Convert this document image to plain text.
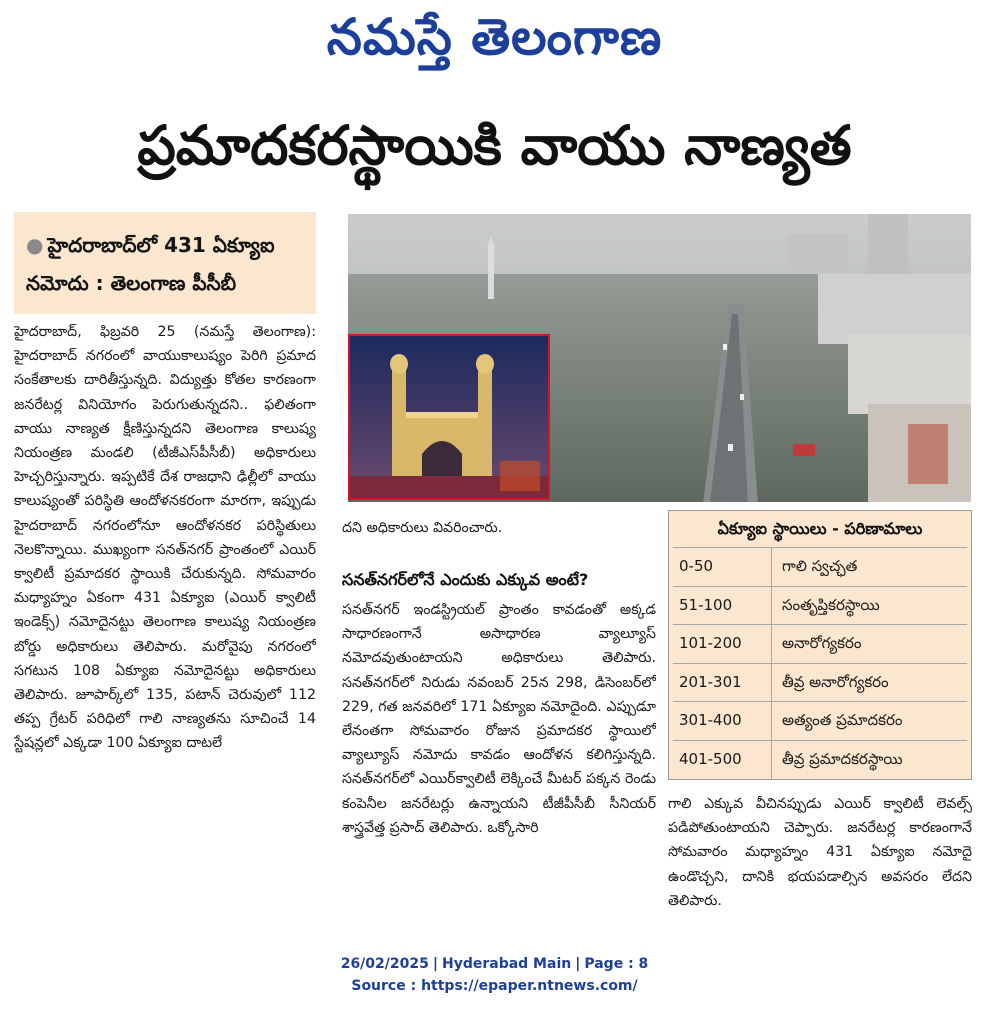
నమస్తే తెలంగాణ
ప్రమాదకరస్థాయికి వాయు నాణ్యత
● హైదరాబాద్‌లో 431 ఏక్యూఐ నమోదు : తెలంగాణ పీసీబీ
హైదరాబాద్‌, ఫిబ్రవరి 25 (నమస్తే తెలంగాణ): హైదరాబాద్‌ నగరంలో వాయుకాలుష్యం పెరిగి ప్రమాద సంకేతాలకు దారితీస్తున్నది. విద్యుత్తు కోతల కారణంగా జనరేటర్ల వినియోగం పెరుగుతున్నదని.. ఫలితంగా వాయు నాణ్యత క్షీణిస్తున్నదని తెలంగాణ కాలుష్య నియంత్రణ మండలి (టీజీఎస్‌పీసీబీ) అధికారులు హెచ్చరిస్తున్నారు. ఇప్పటికే దేశ రాజధాని ఢిల్లీలో వాయు కాలుష్యంతో పరిస్థితి ఆందోళనకరంగా మారగా, ఇప్పుడు హైదరాబాద్‌ నగరంలోనూ ఆందోళనకర పరిస్థితులు నెలకొన్నాయి. ముఖ్యంగా సనత్‌నగర్‌ ప్రాంతంలో ఎయిర్‌ క్వాలిటీ ప్రమాదకర స్థాయికి చేరుకున్నది. సోమవారం మధ్యాహ్నం ఏకంగా 431 ఏక్యూఐ (ఎయిర్‌ క్వాలిటీ ఇండెక్స్‌) నమోదైనట్టు తెలంగాణ కాలుష్య నియంత్రణ బోర్డు అధికారులు తెలిపారు. మరోవైపు నగరంలో సగటున 108 ఏక్యూఐ నమోదైనట్టు అధికారులు తెలిపారు. జూపార్క్‌లో 135, పటాన్‌ చెరువులో 112 తప్ప గ్రేటర్‌ పరిధిలో గాలి నాణ్యతను సూచించే 14 స్టేషన్లలో ఎక్కడా 100 ఏక్యూఐ దాటలే
దని అధికారులు వివరించారు.
సనత్‌నగర్‌లోనే ఎందుకు ఎక్కువ అంటే?
సనత్‌నగర్‌ ఇండస్ట్రియల్‌ ప్రాంతం కావడంతో అక్కడ సాధారణంగానే అసాధారణ వ్యాల్యూస్‌ నమోదవుతుంటాయని అధికారులు తెలిపారు. సనత్‌నగర్‌లో నిరుడు నవంబర్‌ 25న 298, డిసెంబర్‌లో 229, గత జనవరిలో 171 ఏక్యూఐ నమోదైంది. ఎప్పుడూ లేనంతగా సోమవారం రోజున ప్రమాదకర స్థాయిలో వ్యాల్యూస్‌ నమోదు కావడం ఆందోళన కలిగిస్తున్నది. సనత్‌నగర్‌లో ఎయిర్‌క్వాలిటీ లెక్కించే మీటర్‌ పక్కన రెండు కంపెనీల జనరేటర్లు ఉన్నాయని టీజీపీసీబీ సీనియర్‌ శాస్త్రవేత్త ప్రసాద్‌ తెలిపారు. ఒక్కోసారి
ఏక్యూఐ స్థాయిలు - పరిణామాలు
0-50	గాలి స్వచ్ఛత
51-100	సంతృప్తికరస్థాయి
101-200	అనారోగ్యకరం
201-301	తీవ్ర అనారోగ్యకరం
301-400	అత్యంత ప్రమాదకరం
401-500	తీవ్ర ప్రమాదకరస్థాయి
గాలి ఎక్కువ వీచినప్పుడు ఎయిర్‌ క్వాలిటీ లెవల్స్‌ పడిపోతుంటాయని చెప్పారు. జనరేటర్ల కారణంగానే సోమవారం మధ్యాహ్నం 431 ఏక్యూఐ నమోదై ఉండొచ్చని, దానికి భయపడాల్సిన అవసరం లేదని తెలిపారు.
26/02/2025 | Hyderabad Main | Page : 8
Source : https://epaper.ntnews.com/
